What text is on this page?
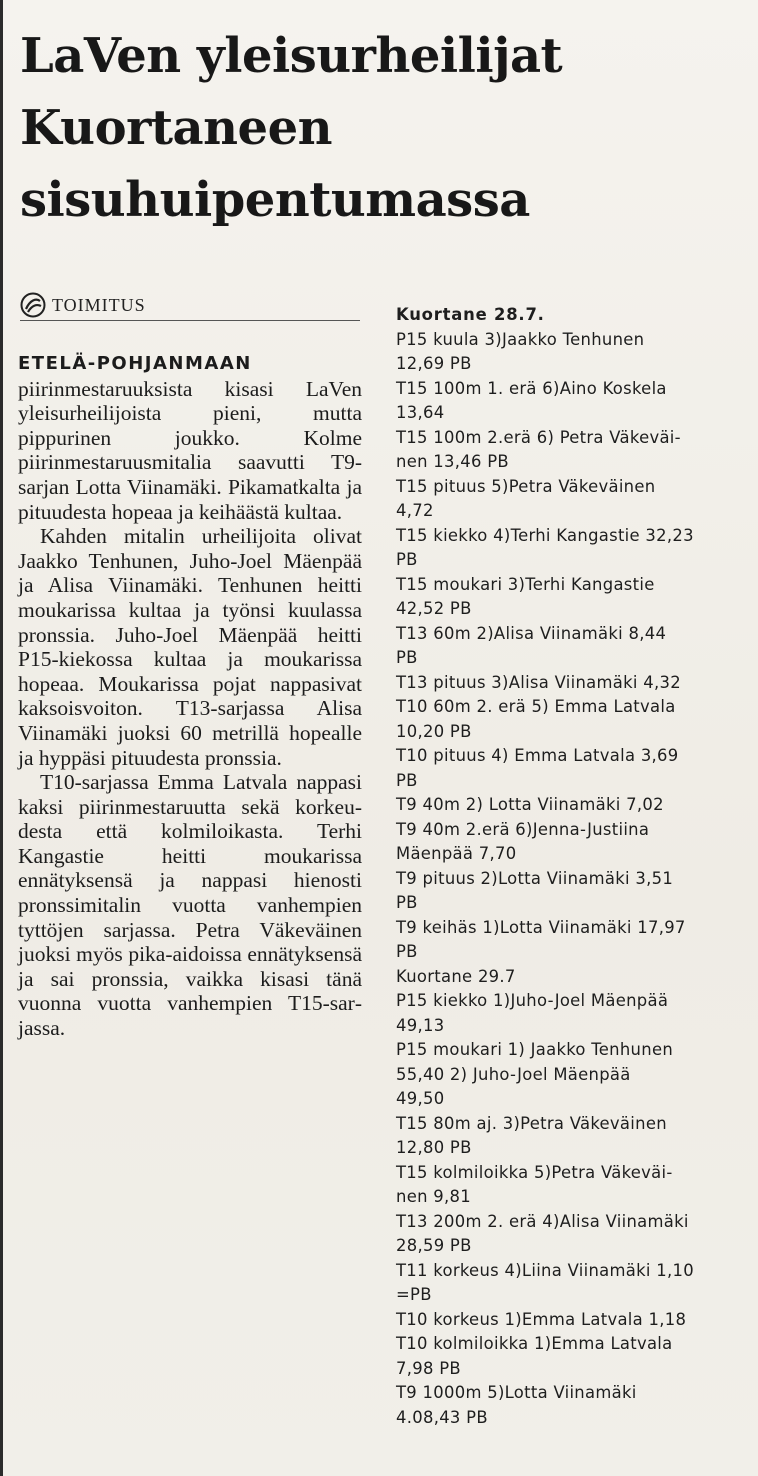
LaVen yleisurheilijat
Kuortaneen
sisuhuipentumassa
TOIMITUS

ETELÄ-POHJANMAAN piirinmestaruuksista kisasi LaVen yleisurheilijoista pieni, mutta pippurinen joukko. Kolme piirinmestaruusmitalia saavutti T9-sarjan Lotta Viinamäki. Pikamatkalta ja pituudesta hopeaa ja keihäästä kultaa.

Kahden mitalin urheilijoita olivat Jaakko Tenhunen, Juho-Joel Mäenpää ja Alisa Viinamäki. Tenhunen heitti moukarissa kultaa ja työnsi kuulassa pronssia. Juho-Joel Mäenpää heitti P15-kiekossa kultaa ja moukarissa hopeaa. Moukarissa pojat nappasivat kaksoisvoiton. T13-sarjassa Alisa Viinamäki juoksi 60 metrillä hopealle ja hyppäsi pituudesta pronssia.

T10-sarjassa Emma Latvala nappasi kaksi piirinmestaruutta sekä korkeudesta että kolmiloikasta. Terhi Kangastie heitti moukarissa ennätyksensä ja nappasi hienosti pronssimitalin vuotta vanhempien tyttöjen sarjassa. Petra Väkeväinen juoksi myös pika-aidoissa ennätyksensä ja sai pronssia, vaikka kisasi tänä vuonna vuotta vanhempien T15-sarjassa.

Kuortane 28.7.
P15 kuula 3)Jaakko Tenhunen
12,69 PB
T15 100m 1. erä 6)Aino Koskela
13,64
T15 100m 2.erä 6) Petra Väkeväi-
nen 13,46 PB
T15 pituus 5)Petra Väkeväinen
4,72
T15 kiekko 4)Terhi Kangastie 32,23
PB
T15 moukari 3)Terhi Kangastie
42,52 PB
T13 60m 2)Alisa Viinamäki 8,44
PB
T13 pituus 3)Alisa Viinamäki 4,32
T10 60m 2. erä 5) Emma Latvala
10,20 PB
T10 pituus 4) Emma Latvala 3,69
PB
T9 40m 2) Lotta Viinamäki 7,02
T9 40m 2.erä 6)Jenna-Justiina
Mäenpää 7,70
T9 pituus 2)Lotta Viinamäki 3,51
PB
T9 keihäs 1)Lotta Viinamäki 17,97
PB
Kuortane 29.7
P15 kiekko 1)Juho-Joel Mäenpää
49,13
P15 moukari 1) Jaakko Tenhunen
55,40 2) Juho-Joel Mäenpää
49,50
T15 80m aj. 3)Petra Väkeväinen
12,80 PB
T15 kolmiloikka 5)Petra Väkeväi-
nen 9,81
T13 200m 2. erä 4)Alisa Viinamäki
28,59 PB
T11 korkeus 4)Liina Viinamäki 1,10
=PB
T10 korkeus 1)Emma Latvala 1,18
T10 kolmiloikka 1)Emma Latvala
7,98 PB
T9 1000m 5)Lotta Viinamäki
4.08,43 PB
